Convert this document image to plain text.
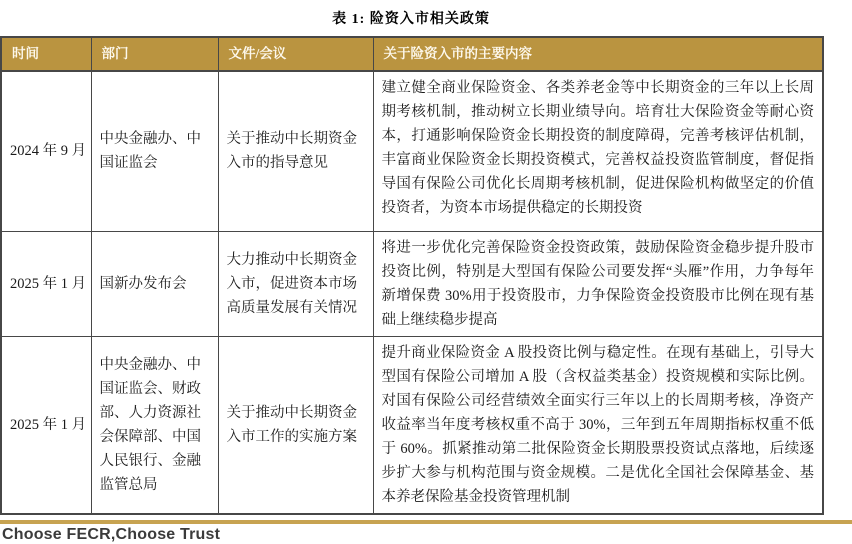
表 1: 险资入市相关政策
时间	部门	文件/会议	关于险资入市的主要内容
2024 年 9 月	中央金融办、中国证监会	关于推动中长期资金入市的指导意见	建立健全商业保险资金、各类养老金等中长期资金的三年以上长周期考核机制，推动树立长期业绩导向。培育壮大保险资金等耐心资本，打通影响保险资金长期投资的制度障碍，完善考核评估机制，丰富商业保险资金长期投资模式，完善权益投资监管制度，督促指导国有保险公司优化长周期考核机制，促进保险机构做坚定的价值投资者，为资本市场提供稳定的长期投资
2025 年 1 月	国新办发布会	大力推动中长期资金入市，促进资本市场高质量发展有关情况	将进一步优化完善保险资金投资政策，鼓励保险资金稳步提升股市投资比例，特别是大型国有保险公司要发挥“头雁”作用，力争每年新增保费 30%用于投资股市，力争保险资金投资股市比例在现有基础上继续稳步提高
2025 年 1 月	中央金融办、中国证监会、财政部、人力资源社会保障部、中国人民银行、金融监管总局	关于推动中长期资金入市工作的实施方案	提升商业保险资金 A 股投资比例与稳定性。在现有基础上，引导大型国有保险公司增加 A 股（含权益类基金）投资规模和实际比例。对国有保险公司经营绩效全面实行三年以上的长周期考核，净资产收益率当年度考核权重不高于 30%，三年到五年周期指标权重不低于 60%。抓紧推动第二批保险资金长期股票投资试点落地，后续逐步扩大参与机构范围与资金规模。二是优化全国社会保障基金、基本养老保险基金投资管理机制
Choose FECR,Choose Trust
